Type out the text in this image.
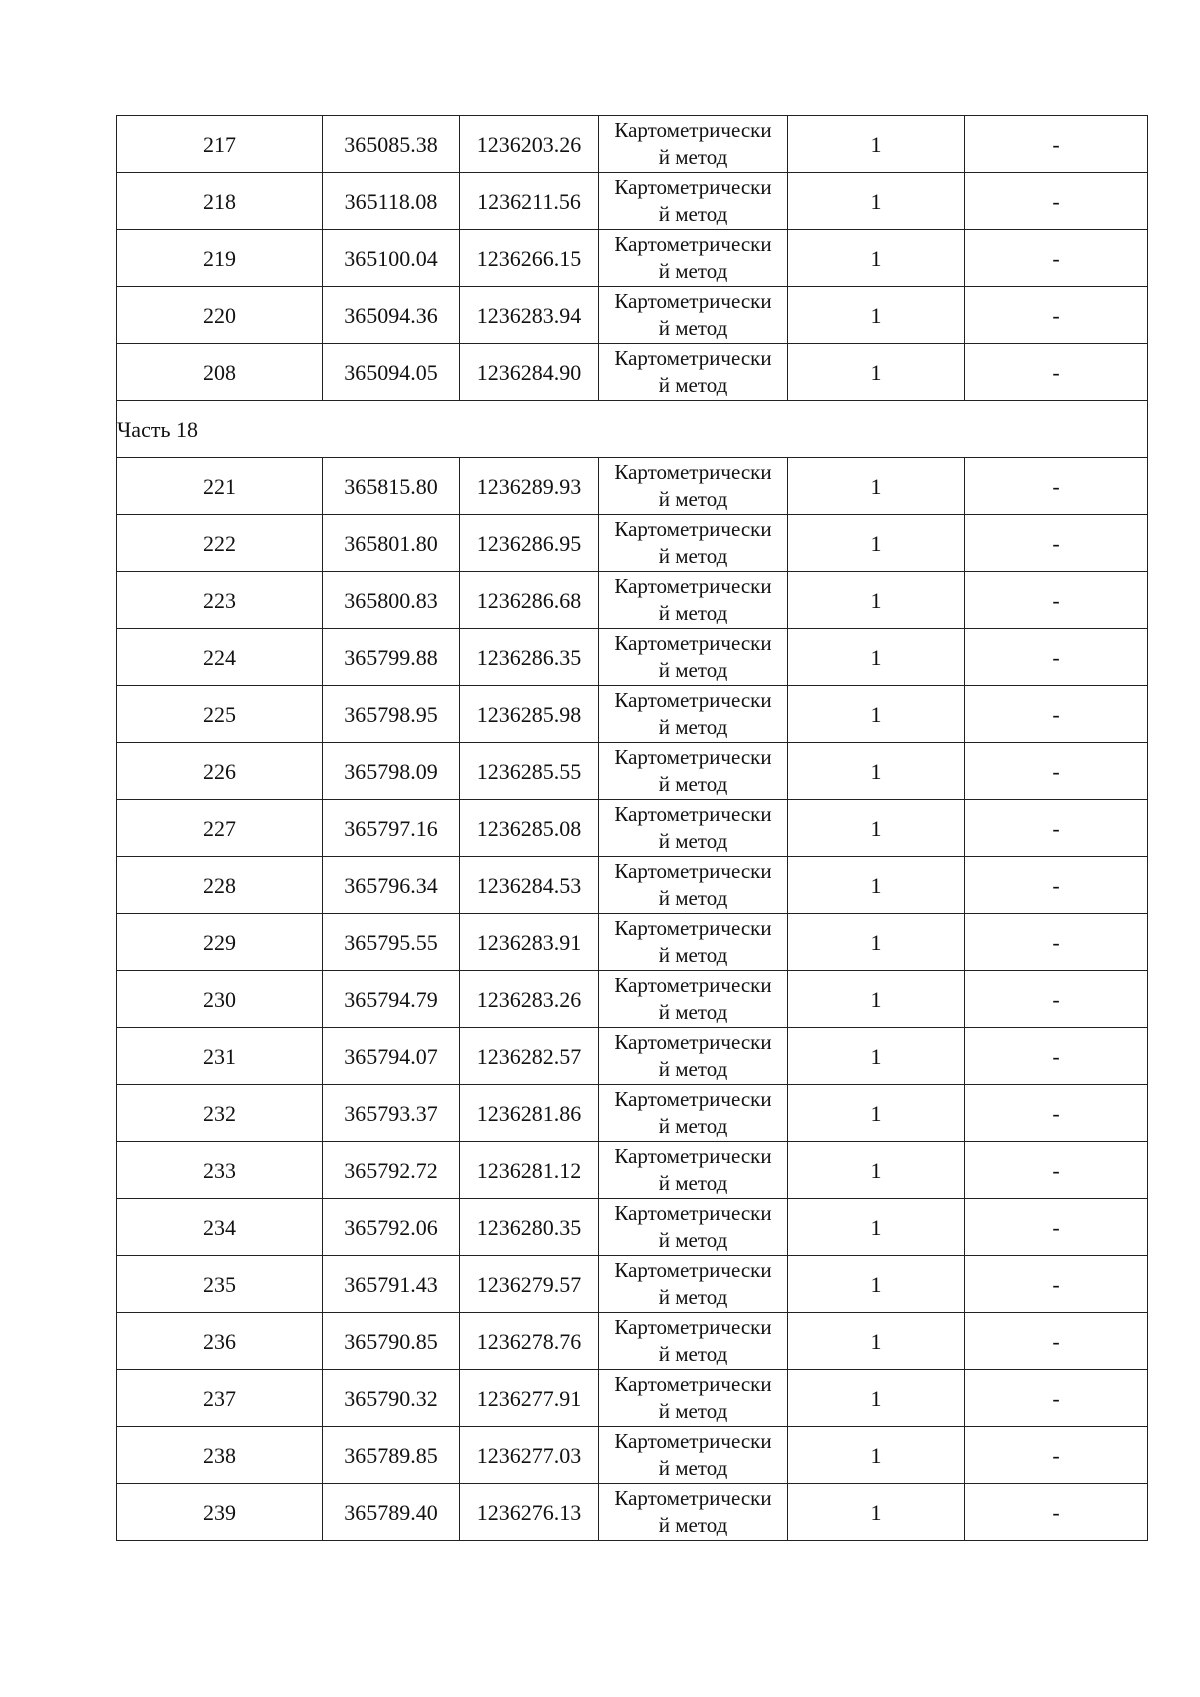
217	365085.38	1236203.26	Картометрически
й метод	1	-
218	365118.08	1236211.56	Картометрически
й метод	1	-
219	365100.04	1236266.15	Картометрически
й метод	1	-
220	365094.36	1236283.94	Картометрически
й метод	1	-
208	365094.05	1236284.90	Картометрически
й метод	1	-
Часть 18					
221	365815.80	1236289.93	Картометрически
й метод	1	-
222	365801.80	1236286.95	Картометрически
й метод	1	-
223	365800.83	1236286.68	Картометрически
й метод	1	-
224	365799.88	1236286.35	Картометрически
й метод	1	-
225	365798.95	1236285.98	Картометрически
й метод	1	-
226	365798.09	1236285.55	Картометрически
й метод	1	-
227	365797.16	1236285.08	Картометрически
й метод	1	-
228	365796.34	1236284.53	Картометрически
й метод	1	-
229	365795.55	1236283.91	Картометрически
й метод	1	-
230	365794.79	1236283.26	Картометрически
й метод	1	-
231	365794.07	1236282.57	Картометрически
й метод	1	-
232	365793.37	1236281.86	Картометрически
й метод	1	-
233	365792.72	1236281.12	Картометрически
й метод	1	-
234	365792.06	1236280.35	Картометрически
й метод	1	-
235	365791.43	1236279.57	Картометрически
й метод	1	-
236	365790.85	1236278.76	Картометрически
й метод	1	-
237	365790.32	1236277.91	Картометрически
й метод	1	-
238	365789.85	1236277.03	Картометрически
й метод	1	-
239	365789.40	1236276.13	Картометрически
й метод	1	-
